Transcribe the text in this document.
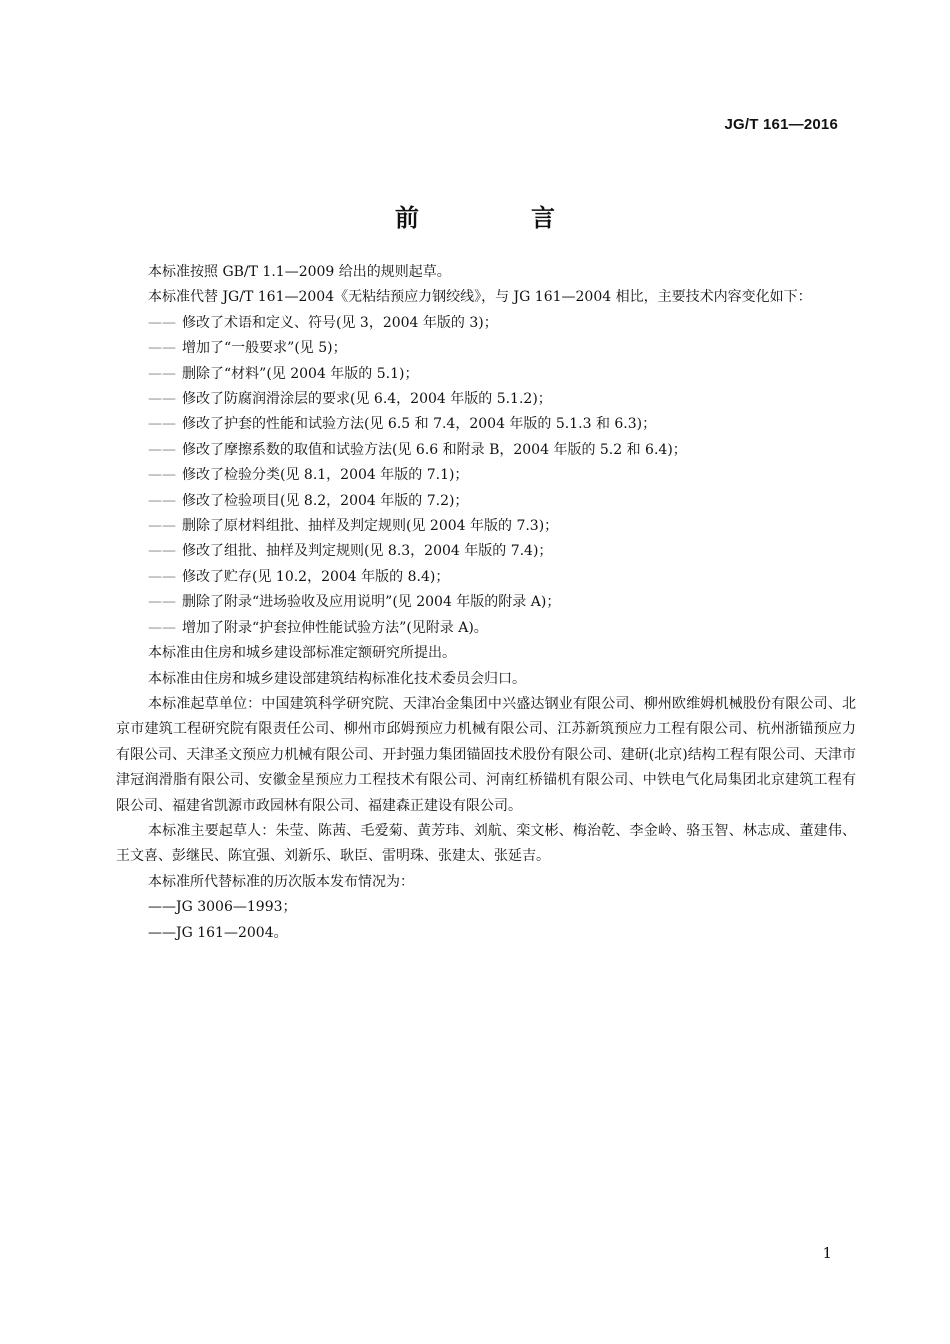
JG/T 161—2016
前　言

本标准按照 GB/T 1.1—2009 给出的规则起草。

本标准代替 JG/T 161—2004《无粘结预应力钢绞线》，与 JG 161—2004 相比，主要技术内容变化如下：

—— 修改了术语和定义、符号(见 3，2004 年版的 3)；

—— 增加了“一般要求”(见 5)；

—— 删除了“材料”(见 2004 年版的 5.1)；

—— 修改了防腐润滑涂层的要求(见 6.4，2004 年版的 5.1.2)；

—— 修改了护套的性能和试验方法(见 6.5 和 7.4，2004 年版的 5.1.3 和 6.3)；

—— 修改了摩擦系数的取值和试验方法(见 6.6 和附录 B，2004 年版的 5.2 和 6.4)；

—— 修改了检验分类(见 8.1，2004 年版的 7.1)；

—— 修改了检验项目(见 8.2，2004 年版的 7.2)；

—— 删除了原材料组批、抽样及判定规则(见 2004 年版的 7.3)；

—— 修改了组批、抽样及判定规则(见 8.3，2004 年版的 7.4)；

—— 修改了贮存(见 10.2，2004 年版的 8.4)；

—— 删除了附录“进场验收及应用说明”(见 2004 年版的附录 A)；

—— 增加了附录“护套拉伸性能试验方法”(见附录 A)。

本标准由住房和城乡建设部标准定额研究所提出。

本标准由住房和城乡建设部建筑结构标准化技术委员会归口。

本标准起草单位：中国建筑科学研究院、天津冶金集团中兴盛达钢业有限公司、柳州欧维姆机械股份有限公司、北京市建筑工程研究院有限责任公司、柳州市邱姆预应力机械有限公司、江苏新筑预应力工程有限公司、杭州浙锚预应力有限公司、天津圣文预应力机械有限公司、开封强力集团锚固技术股份有限公司、建研(北京)结构工程有限公司、天津市津冠润滑脂有限公司、安徽金星预应力工程技术有限公司、河南红桥锚机有限公司、中铁电气化局集团北京建筑工程有限公司、福建省凯源市政园林有限公司、福建森正建设有限公司。

本标准主要起草人：朱莹、陈茜、毛爱菊、黄芳玮、刘航、栾文彬、梅治乾、李金岭、骆玉智、林志成、董建伟、王文喜、彭继民、陈宜强、刘新乐、耿臣、雷明珠、张建太、张延吉。

本标准所代替标准的历次版本发布情况为：

——JG 3006—1993；

——JG 161—2004。

1
